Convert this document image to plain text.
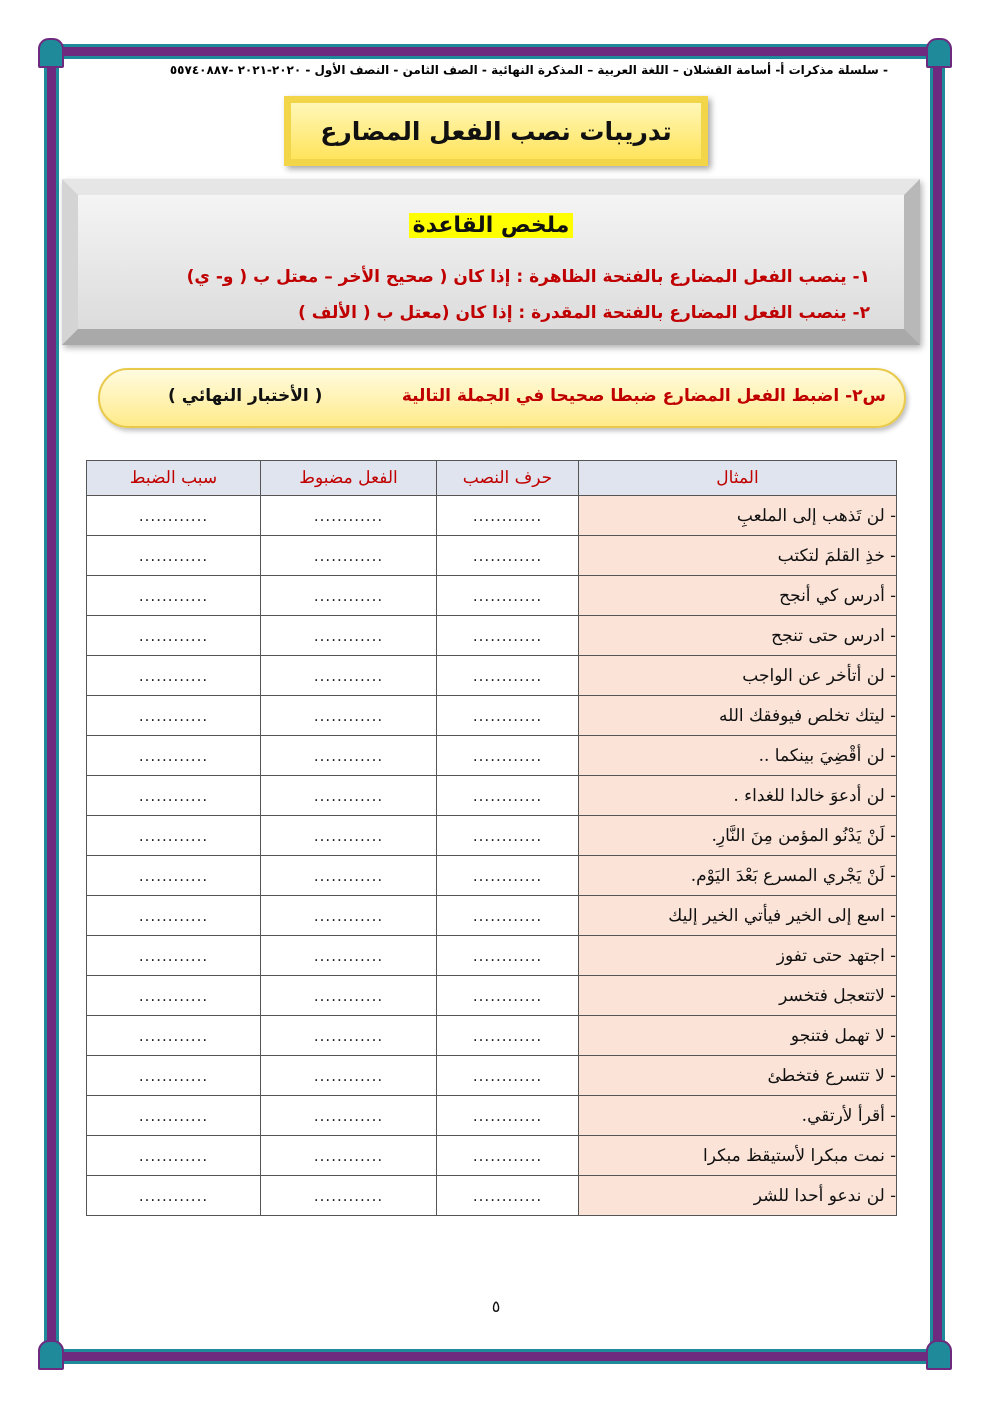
- سلسلة مذكرات أ- أسامة القشلان – اللغة العربية – المذكرة النهائية - الصف الثامن - النصف الأول - ٢٠٢٠-٢٠٢١ -٥٥٧٤٠٨٨٧
تدريبات نصب الفعل المضارع
ملخص القاعدة
١- ينصب الفعل المضارع بالفتحة الظاهرة : إذا كان ( صحيح الأخر – معتل ب ( و- ي)
٢- ينصب الفعل المضارع بالفتحة المقدرة : إذا كان (معتل ب ( الألف )
س٢- اضبط الفعل المضارع ضبطا صحيحا في الجملة التالية
( الأختبار النهائي )
المثال	حرف النصب	الفعل مضبوط	سبب الضبط
- لن تَذهب إلى الملعبِ	............	............	............
- خذِ القلمَ لتكتب	............	............	............
- أدرس كي أنجح	............	............	............
- ادرس حتى تنجح	............	............	............
- لن أتأخر عن الواجب	............	............	............
- ليتك تخلص فيوفقك الله	............	............	............
- لن أقْضِيَ بينكما ..	............	............	............
- لن أدعوَ خالدا للغداء .	............	............	............
- لَنْ يَدْنُو المؤمن مِنَ النَّارِ.	............	............	............
- لَنْ يَجْري المسرع بَعْدَ اليَوْم.	............	............	............
- اسع إلى الخير فيأتي الخير إليك	............	............	............
- اجتهد حتى تفوز	............	............	............
- لاتتعجل فتخسر	............	............	............
- لا تهمل فتنجو	............	............	............
- لا تتسرع فتخطئ	............	............	............
- أقرأ لأرتقي.	............	............	............
- نمت مبكرا لأستيقظ مبكرا	............	............	............
- لن ندعو أحدا للشر	............	............	............
٥
